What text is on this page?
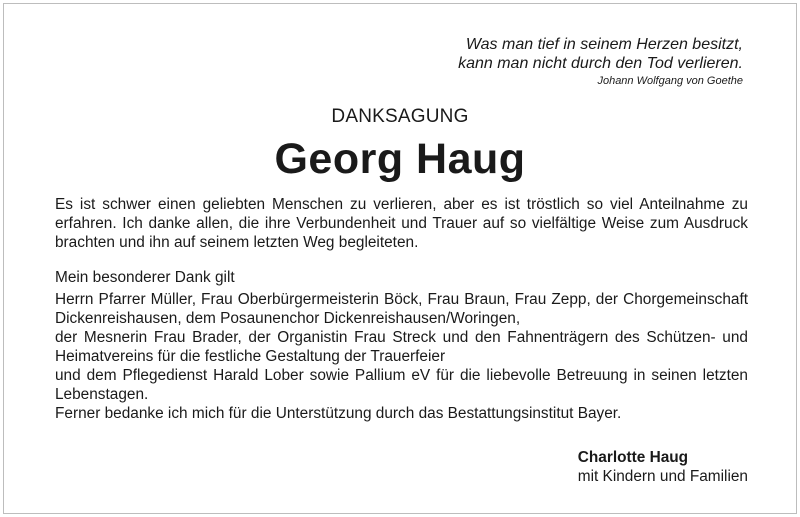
Was man tief in seinem Herzen besitzt,
kann man nicht durch den Tod verlieren.
Johann Wolfgang von Goethe
DANKSAGUNG
Georg Haug

Es ist schwer einen geliebten Menschen zu verlieren, aber es ist tröstlich so viel Anteilnahme zu erfahren. Ich danke allen, die ihre Verbundenheit und Trauer auf so vielfältige Weise zum Ausdruck brachten und ihn auf seinem letzten Weg begleiteten.

Mein besonderer Dank gilt

Herrn Pfarrer Müller, Frau Oberbürgermeisterin Böck, Frau Braun, Frau Zepp, der Chorgemeinschaft Dickenreishausen, dem Posaunenchor Dickenreishausen/Woringen,

der Mesnerin Frau Brader, der Organistin Frau Streck und den Fahnenträgern des Schützen- und Heimatvereins für die festliche Gestaltung der Trauerfeier

und dem Pflegedienst Harald Lober sowie Pallium eV für die liebevolle Betreuung in seinen letzten Lebenstagen.

Ferner bedanke ich mich für die Unterstützung durch das Bestattungsinstitut Bayer.

Charlotte Haug
mit Kindern und Familien
